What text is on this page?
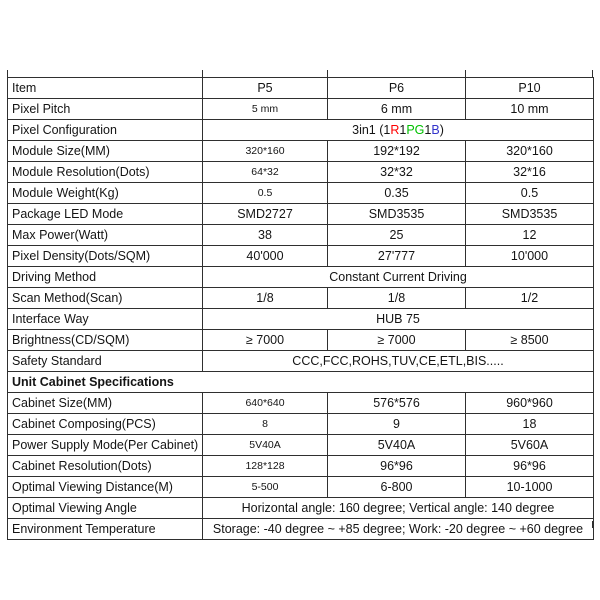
Item	P5	P6	P10
Pixel Pitch	5 mm	6 mm	10 mm
Pixel Configuration	3in1 (1R1PG1B)		
Module Size(MM)	320*160	192*192	320*160
Module Resolution(Dots)	64*32	32*32	32*16
Module Weight(Kg)	0.5	0.35	0.5
Package LED Mode	SMD2727	SMD3535	SMD3535
Max Power(Watt)	38	25	12
Pixel Density(Dots/SQM)	40'000	27'777	10'000
Driving Method	Constant Current Driving		
Scan Method(Scan)	1/8	1/8	1/2
Interface Way	HUB 75		
Brightness(CD/SQM)	≥ 7000	≥ 7000	≥ 8500
Safety Standard	CCC,FCC,ROHS,TUV,CE,ETL,BIS.....		
Unit Cabinet Specifications			
Cabinet Size(MM)	640*640	576*576	960*960
Cabinet Composing(PCS)	8	9	18
Power Supply Mode(Per Cabinet)	5V40A	5V40A	5V60A
Cabinet Resolution(Dots)	128*128	96*96	96*96
Optimal Viewing Distance(M)	5-500	6-800	10-1000
Optimal Viewing Angle	Horizontal angle: 160 degree; Vertical angle: 140 degree		
Environment Temperature	Storage: -40 degree ~ +85 degree; Work: -20 degree ~ +60 degree		
